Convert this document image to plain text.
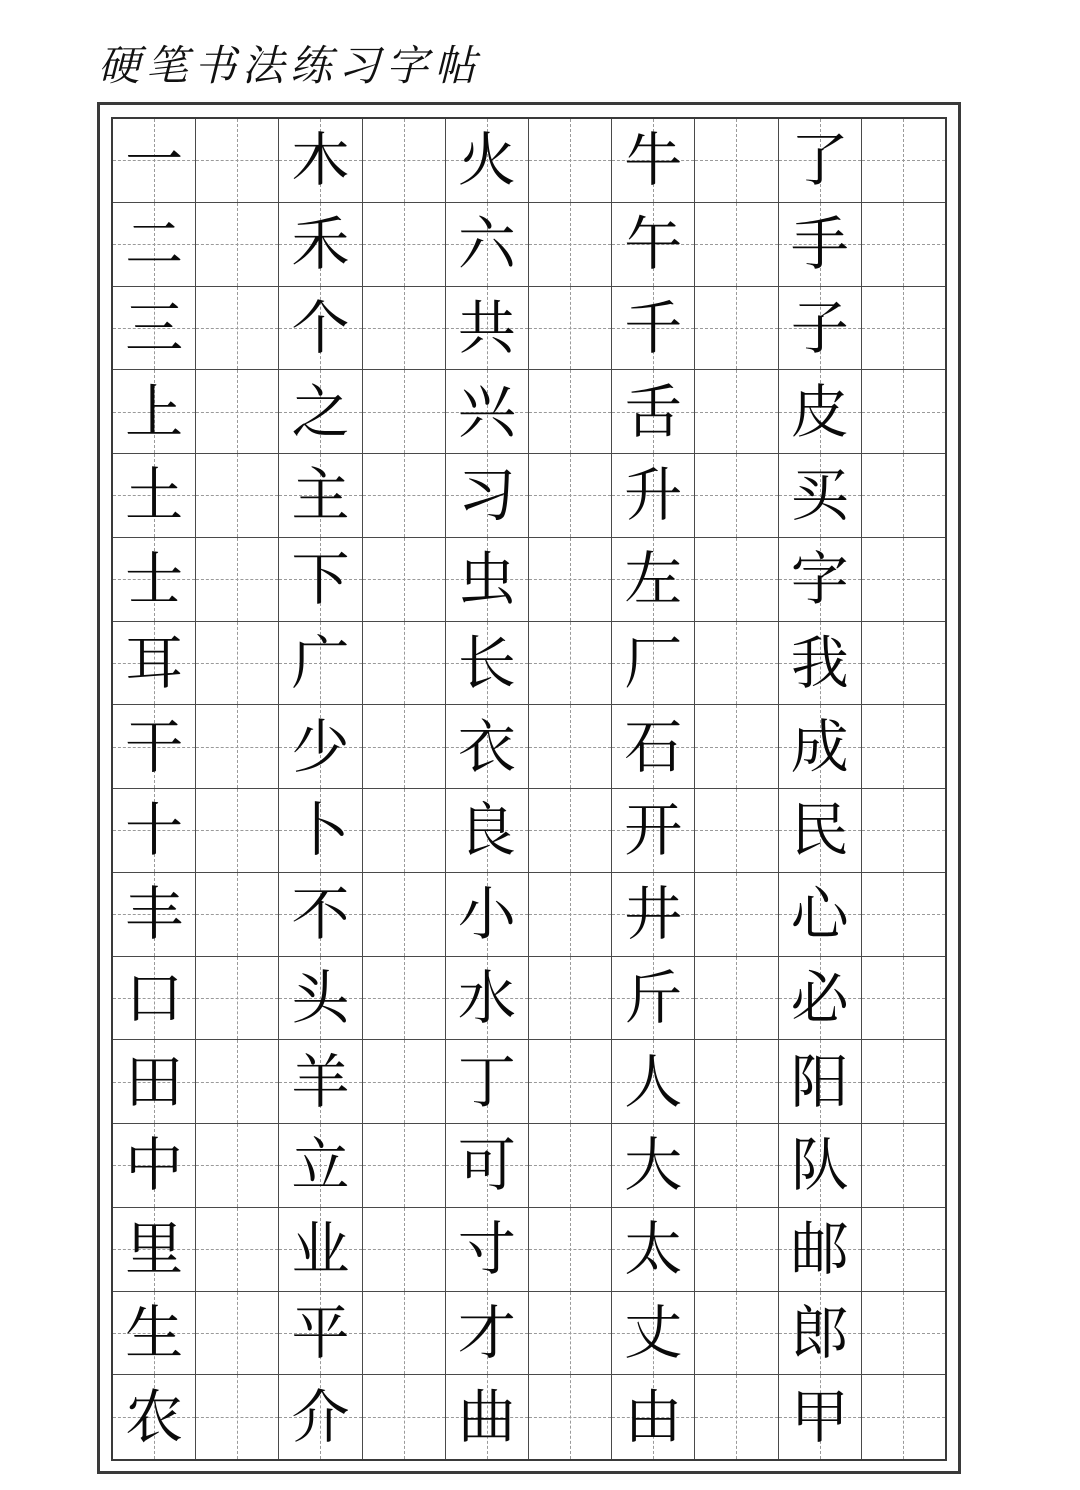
硬笔书法练习字帖
一 木 火 牛 了
二 禾 六 午 手
三 个 共 千 子
上 之 兴 舌 皮
土 主 习 升 买
士 下 虫 左 字
耳 广 长 厂 我
干 少 衣 石 成
十 卜 良 开 民
丰 不 小 井 心
口 头 水 斤 必
田 羊 丁 人 阳
中 立 可 大 队
里 业 寸 太 邮
生 平 才 丈 郎
农 介 曲 由 甲
